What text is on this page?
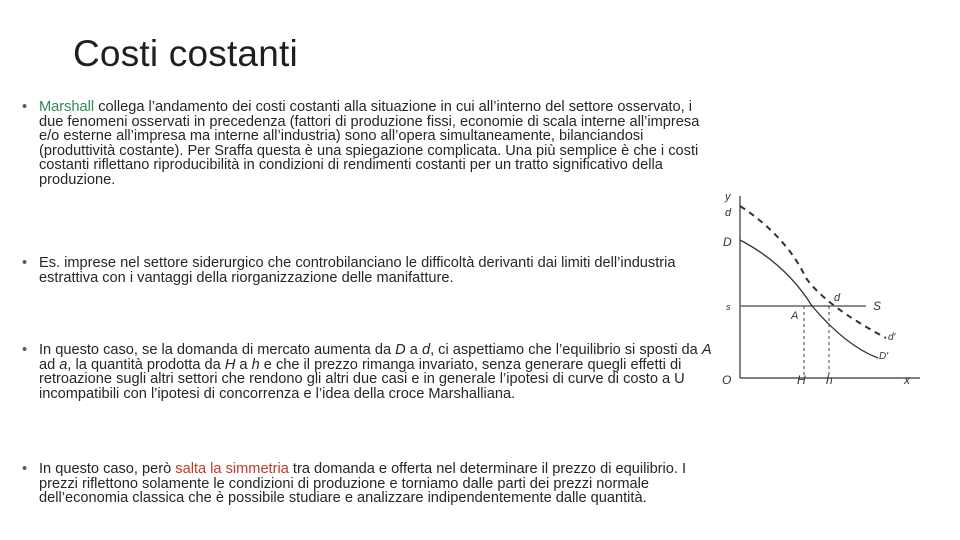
Costi costanti
• Marshall collega l’andamento dei costi costanti alla situazione in cui all’interno del settore osservato, i due fenomeni osservati in precedenza (fattori di produzione fissi, economie di scala interne all’impresa e/o esterne all’impresa ma interne all’industria) sono all’opera simultaneamente, bilanciandosi (produttività costante). Per Sraffa questa è una spiegazione complicata. Una più semplice è che i costi costanti riflettano riproducibilità in condizioni di rendimenti costanti per un tratto significativo della produzione.
• Es. imprese nel settore siderurgico che controbilanciano le difficoltà derivanti dai limiti dell’industria estrattiva con i vantaggi della riorganizzazione delle manifatture.
• In questo caso, se la domanda di mercato aumenta da D a d, ci aspettiamo che l’equilibrio si sposti da A ad a, la quantità prodotta da H a h e che il prezzo rimanga invariato, senza generare quegli effetti di retroazione sugli altri settori che rendono gli altri due casi e in generale l’ipotesi di curve di costo a U incompatibili con l’ipotesi di concorrenza e l’idea della croce Marshalliana.
• In questo caso, però salta la simmetria tra domanda e offerta nel determinare il prezzo di equilibrio. I prezzi riflettono solamente le condizioni di produzione e torniamo dalle parti dei prezzi normale dell’economia classica che è possibile studiare e analizzare indipendentemente dalle quantità.
y
d
D
s
O	H h	x
A
d
S
d′
D′
